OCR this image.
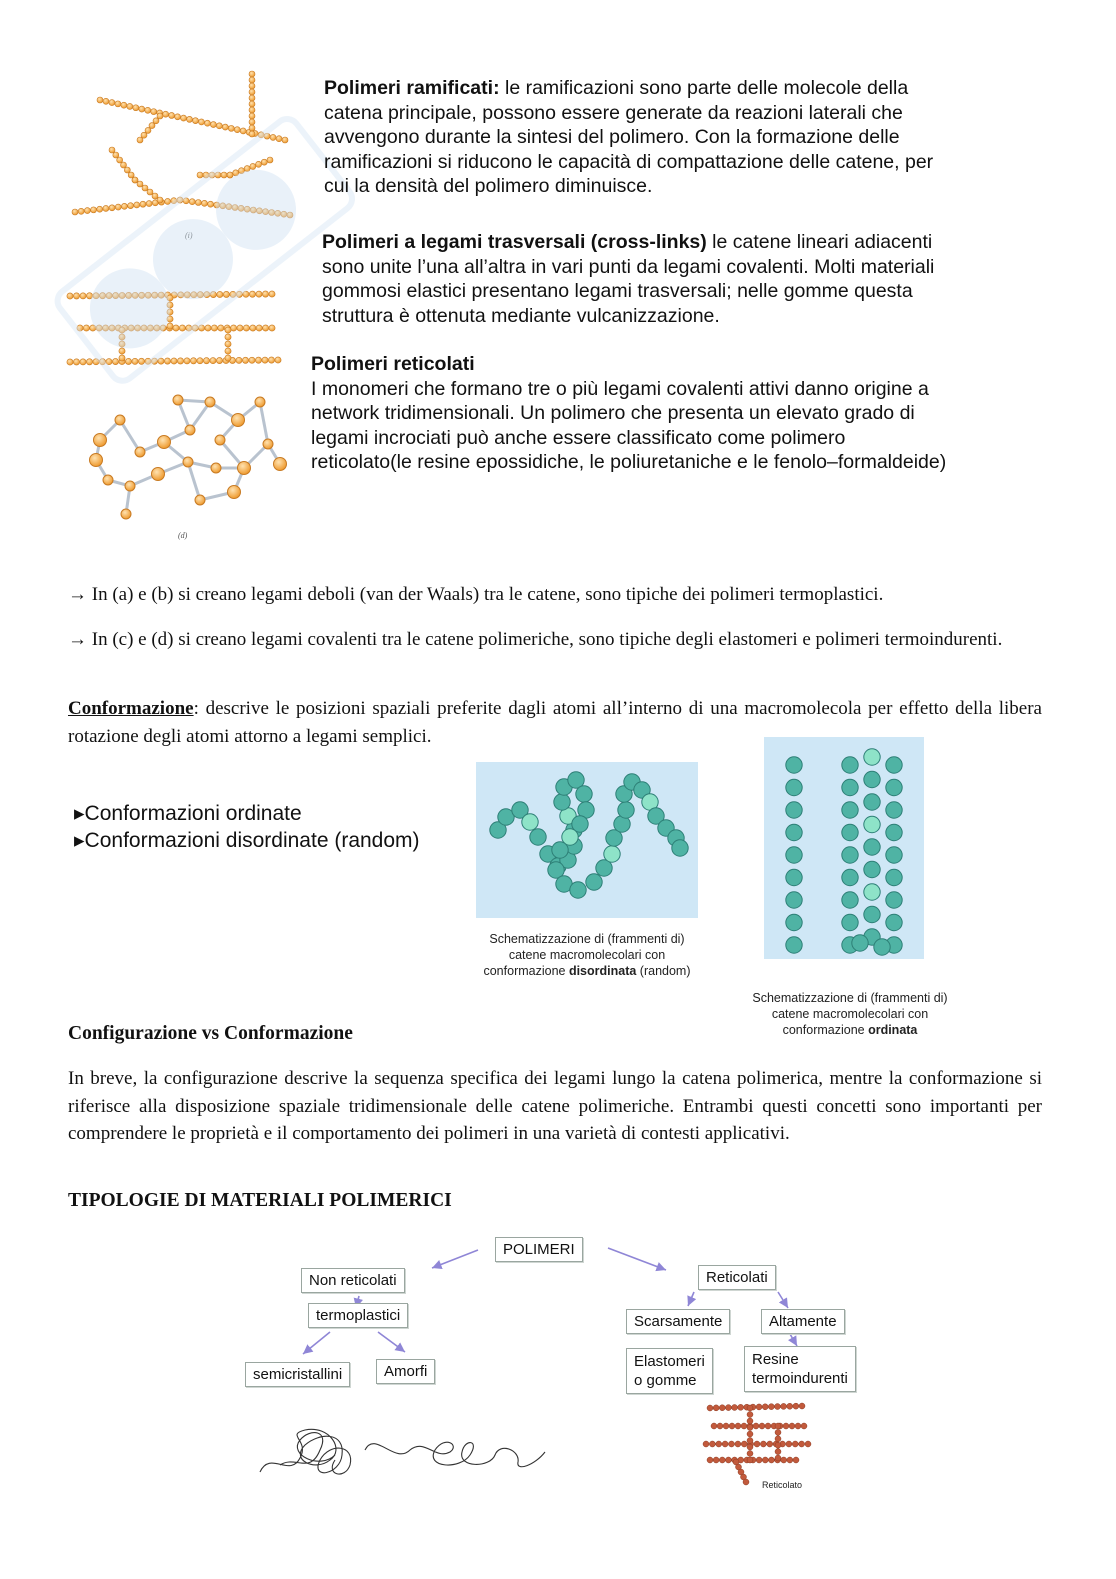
(i)
(d)
Polimeri ramificati: le ramificazioni sono parte delle molecole della catena principale, possono essere generate da reazioni laterali che avvengono durante la sintesi del polimero. Con la formazione delle ramificazioni si riducono le capacità di compattazione delle catene, per cui la densità del polimero diminuisce.
Polimeri a legami trasversali (cross-links) le catene lineari adiacenti sono unite l’una all’altra in vari punti da legami covalenti. Molti materiali gommosi elastici presentano legami trasversali; nelle gomme questa struttura è ottenuta mediante vulcanizzazione.
Polimeri reticolati
I monomeri che formano tre o più legami covalenti attivi danno origine a network tridimensionali. Un polimero che presenta un elevato grado di legami incrociati può anche essere classificato come polimero reticolato(le resine epossidiche, le poliuretaniche e le fenolo–formaldeide)
→ In (a) e (b) si creano legami deboli (van der Waals) tra le catene, sono tipiche dei polimeri termoplastici.
→ In (c) e (d) si creano legami covalenti tra le catene polimeriche, sono tipiche degli elastomeri e polimeri termoindurenti.
Conformazione: descrive le posizioni spaziali preferite dagli atomi all’interno di una macromolecola per effetto della libera rotazione degli atomi attorno a legami semplici.
▸Conformazioni ordinate
▸Conformazioni disordinate (random)
Schematizzazione di (frammenti di)
catene macromolecolari con
conformazione disordinata (random)
Schematizzazione di (frammenti di)
catene macromolecolari con
conformazione ordinata
Configurazione vs Conformazione
In breve, la configurazione descrive la sequenza specifica dei legami lungo la catena polimerica, mentre la conformazione si riferisce alla disposizione spaziale tridimensionale delle catene polimeriche. Entrambi questi concetti sono importanti per comprendere le proprietà e il comportamento dei polimeri in una varietà di contesti applicativi.
TIPOLOGIE DI MATERIALI POLIMERICI
POLIMERI
Non reticolati
termoplastici
semicristallini	Amorfi
Reticolati
Scarsamente	Altamente
Elastomeri
o gomme
Resine
termoindurenti
Reticolato
